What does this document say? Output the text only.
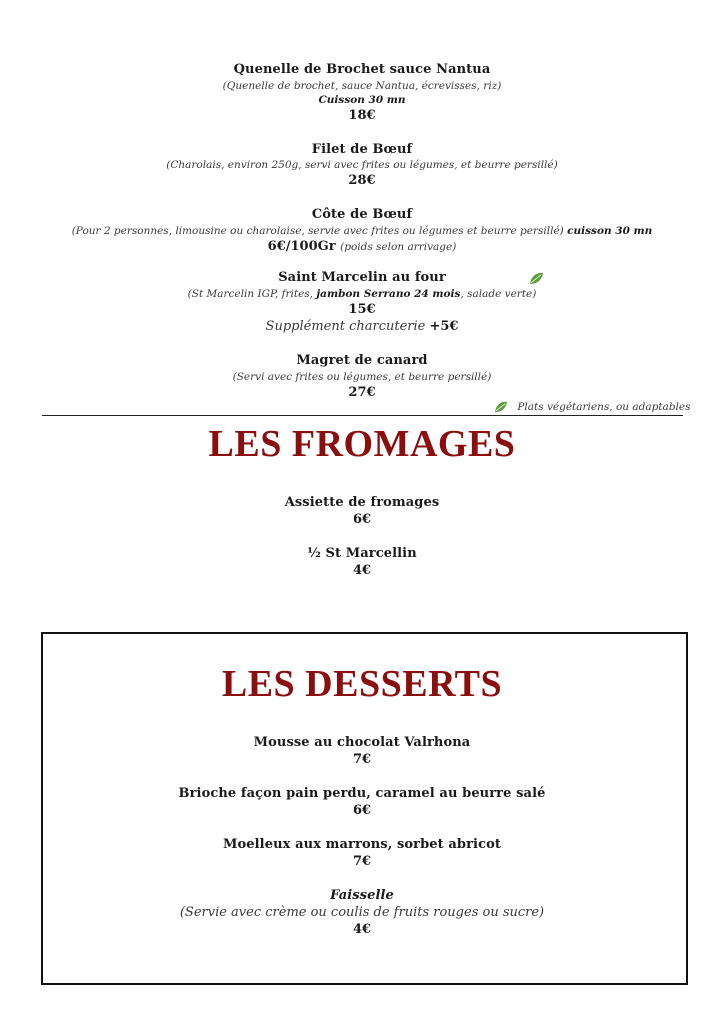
Quenelle de Brochet sauce Nantua
(Quenelle de brochet, sauce Nantua, écrevisses, riz)
Cuisson 30 mn
18€
Filet de Bœuf
(Charolais, environ 250g, servi avec frites ou légumes, et beurre persillé)
28€
Côte de Bœuf
(Pour 2 personnes, limousine ou charolaise, servie avec frites ou légumes et beurre persillé) cuisson 30 mn
6€/100Gr (poids selon arrivage)
Saint Marcelin au four
(St Marcelin IGP, frites, jambon Serrano 24 mois, salade verte)
15€
Supplément charcuterie +5€
Magret de canard
(Servi avec frites ou légumes, et beurre persillé)
27€
Plats végétariens, ou adaptables
LES FROMAGES
Assiette de fromages
6€
½ St Marcellin
4€
LES DESSERTS
Mousse au chocolat Valrhona
7€
Brioche façon pain perdu, caramel au beurre salé
6€
Moelleux aux marrons, sorbet abricot
7€
Faisselle
(Servie avec crème ou coulis de fruits rouges ou sucre)
4€
